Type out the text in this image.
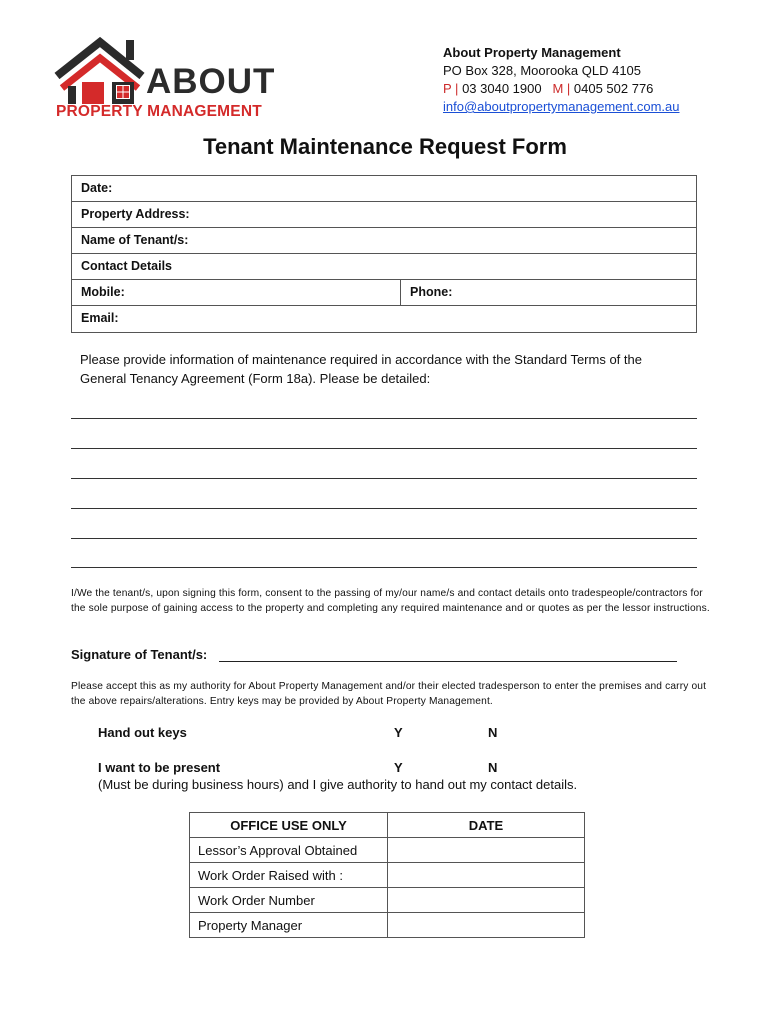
ABOUT
PROPERTY MANAGEMENT
About Property Management
PO Box 328, Moorooka QLD 4105
P | 03 3040 1900 M | 0405 502 776
info@aboutpropertymanagement.com.au
Tenant Maintenance Request Form
Date:
Property Address:
Name of Tenant/s:
Contact Details
Mobile:	Phone:
Email:
Please provide information of maintenance required in accordance with the Standard Terms of the General Tenancy Agreement (Form 18a). Please be detailed:
I/We the tenant/s, upon signing this form, consent to the passing of my/our name/s and contact details onto tradespeople/contractors for the sole purpose of gaining access to the property and completing any required maintenance and or quotes as per the lessor instructions.
Signature of Tenant/s:
Please accept this as my authority for About Property Management and/or their elected tradesperson to enter the premises and carry out the above repairs/alterations. Entry keys may be provided by About Property Management.
Hand out keys	Y	N
I want to be present	Y	N
(Must be during business hours) and I give authority to hand out my contact details.
OFFICE USE ONLY	DATE
Lessor’s Approval Obtained	
Work Order Raised with :	
Work Order Number	
Property Manager	
